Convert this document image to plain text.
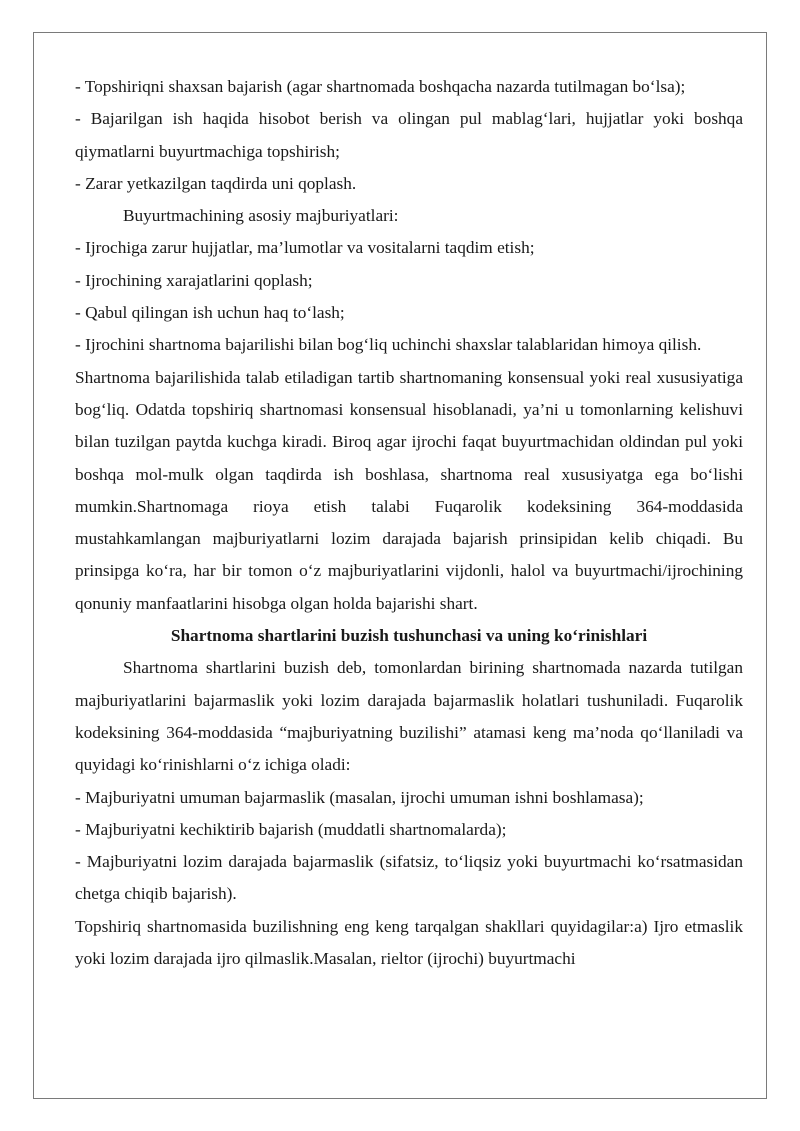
- Topshiriqni shaxsan bajarish (agar shartnomada boshqacha nazarda tutilmagan bo‘lsa);

- Bajarilgan ish haqida hisobot berish va olingan pul mablag‘lari, hujjatlar yoki boshqa qiymatlarni buyurtmachiga topshirish;

- Zarar yetkazilgan taqdirda uni qoplash.

Buyurtmachining asosiy majburiyatlari:

- Ijrochiga zarur hujjatlar, ma’lumotlar va vositalarni taqdim etish;

- Ijrochining xarajatlarini qoplash;

- Qabul qilingan ish uchun haq to‘lash;

- Ijrochini shartnoma bajarilishi bilan bog‘liq uchinchi shaxslar talablaridan himoya qilish.

Shartnoma bajarilishida talab etiladigan tartib shartnomaning konsensual yoki real xususiyatiga bog‘liq. Odatda topshiriq shartnomasi konsensual hisoblanadi, ya’ni u tomonlarning kelishuvi bilan tuzilgan paytda kuchga kiradi. Biroq agar ijrochi faqat buyurtmachidan oldindan pul yoki boshqa mol-mulk olgan taqdirda ish boshlasa, shartnoma real xususiyatga ega bo‘lishi mumkin.Shartnomaga rioya etish talabi Fuqarolik kodeksining 364-moddasida mustahkamlangan majburiyatlarni lozim darajada bajarish prinsipidan kelib chiqadi. Bu prinsipga ko‘ra, har bir tomon o‘z majburiyatlarini vijdonli, halol va buyurtmachi/ijrochining qonuniy manfaatlarini hisobga olgan holda bajarishi shart.

Shartnoma shartlarini buzish tushunchasi va uning ko‘rinishlari

Shartnoma shartlarini buzish deb, tomonlardan birining shartnomada nazarda tutilgan majburiyatlarini bajarmaslik yoki lozim darajada bajarmaslik holatlari tushuniladi. Fuqarolik kodeksining 364-moddasida “majburiyatning buzilishi” atamasi keng ma’noda qo‘llaniladi va quyidagi ko‘rinishlarni o‘z ichiga oladi:

- Majburiyatni umuman bajarmaslik (masalan, ijrochi umuman ishni boshlamasa);

- Majburiyatni kechiktirib bajarish (muddatli shartnomalarda);

- Majburiyatni lozim darajada bajarmaslik (sifatsiz, to‘liqsiz yoki buyurtmachi ko‘rsatmasidan chetga chiqib bajarish).

Topshiriq shartnomasida buzilishning eng keng tarqalgan shakllari quyidagilar:a) Ijro etmaslik yoki lozim darajada ijro qilmaslik.Masalan, rieltor (ijrochi) buyurtmachi
